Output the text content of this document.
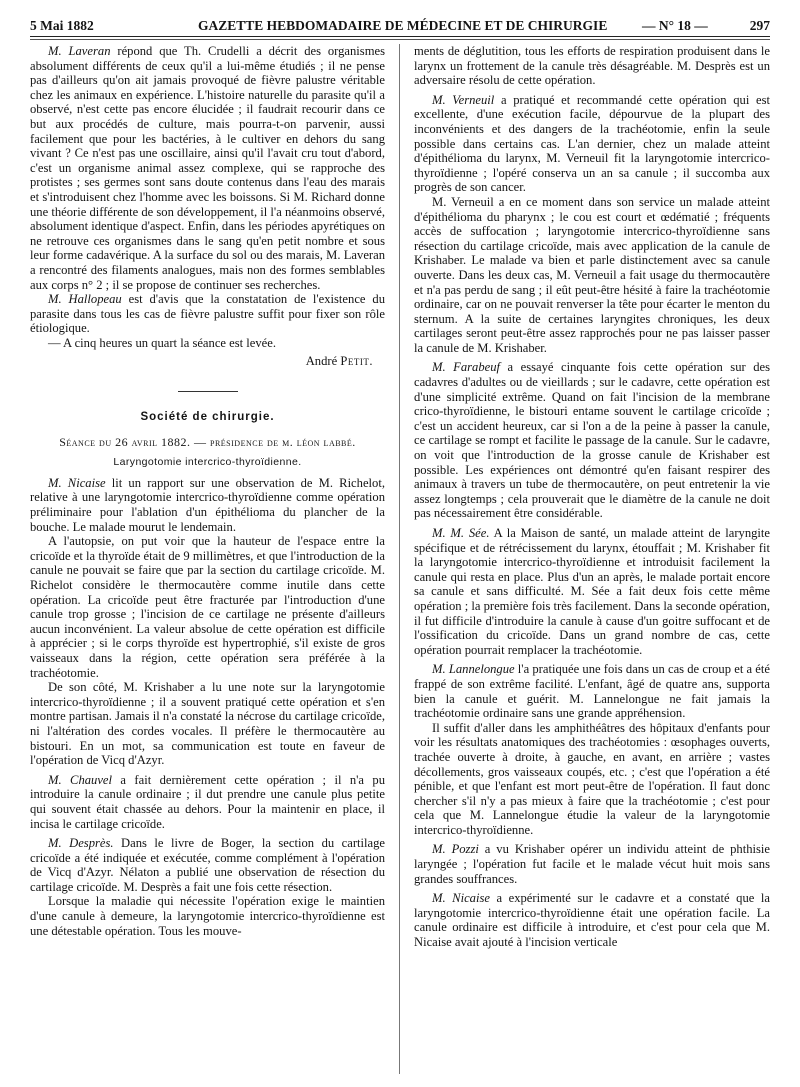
5 Mai 1882	GAZETTE HEBDOMADAIRE DE MÉDECINE ET DE CHIRURGIE	— N° 18 —	297

M. Laveran répond que Th. Crudelli a décrit des organismes absolument différents de ceux qu'il a lui-même étudiés ; il ne pense pas d'ailleurs qu'on ait jamais provoqué de fièvre palustre véritable chez les animaux en expérience. L'histoire naturelle du parasite qu'il a observé, n'est cette pas encore élucidée ; il faudrait recourir dans ce but aux procédés de culture, mais pourra-t-on parvenir, aussi facilement que pour les bactéries, à le cultiver en dehors du sang vivant ? Ce n'est pas une oscillaire, ainsi qu'il l'avait cru tout d'abord, c'est un organisme animal assez complexe, qui se rapproche des protistes ; ses germes sont sans doute contenus dans l'eau des marais et s'introduisent chez l'homme avec les boissons. Si M. Richard donne une théorie différente de son développement, il l'a néanmoins observé, absolument identique d'aspect. Enfin, dans les périodes apyrétiques on ne retrouve ces organismes dans le sang qu'en petit nombre et sous leur forme cadavérique. A la surface du sol ou des marais, M. Laveran a rencontré des filaments analogues, mais non des formes semblables aux corps n° 2 ; il se propose de continuer ses recherches.

M. Hallopeau est d'avis que la constatation de l'existence du parasite dans tous les cas de fièvre palustre suffit pour fixer son rôle étiologique.

— A cinq heures un quart la séance est levée.

André Petit.

Société de chirurgie.

Séance du 26 avril 1882. — présidence de m. léon labbé.

Laryngotomie intercrico-thyroïdienne.

M. Nicaise lit un rapport sur une observation de M. Richelot, relative à une laryngotomie intercrico-thyroïdienne comme opération préliminaire pour l'ablation d'un épithélioma du plancher de la bouche. Le malade mourut le lendemain.

A l'autopsie, on put voir que la hauteur de l'espace entre la cricoïde et la thyroïde était de 9 millimètres, et que l'introduction de la canule ne pouvait se faire que par la section du cartilage cricoïde. M. Richelot considère le thermocautère comme inutile dans cette opération. La cricoïde peut être fracturée par l'introduction d'une canule trop grosse ; l'incision de ce cartilage ne présente d'ailleurs aucun inconvénient. La valeur absolue de cette opération est difficile à apprécier ; si le corps thyroïde est hypertrophié, s'il existe de gros vaisseaux dans la région, cette opération sera préférée à la trachéotomie.

De son côté, M. Krishaber a lu une note sur la laryngotomie intercrico-thyroïdienne ; il a souvent pratiqué cette opération et s'en montre partisan. Jamais il n'a constaté la nécrose du cartilage cricoïde, ni l'altération des cordes vocales. Il préfère le thermocautère au bistouri. En un mot, sa communication est toute en faveur de l'opération de Vicq d'Azyr.

M. Chauvel a fait dernièrement cette opération ; il n'a pu introduire la canule ordinaire ; il dut prendre une canule plus petite qui souvent était chassée au dehors. Pour la maintenir en place, il incisa le cartilage cricoïde.

M. Desprès. Dans le livre de Boger, la section du cartilage cricoïde a été indiquée et exécutée, comme complément à l'opération de Vicq d'Azyr. Nélaton a publié une observation de résection du cartilage cricoïde. M. Desprès a fait une fois cette résection.

Lorsque la maladie qui nécessite l'opération exige le maintien d'une canule à demeure, la laryngotomie intercrico-thyroïdienne est une détestable opération. Tous les mouve-

ments de déglutition, tous les efforts de respiration produisent dans le larynx un frottement de la canule très désagréable. M. Desprès est un adversaire résolu de cette opération.

M. Verneuil a pratiqué et recommandé cette opération qui est excellente, d'une exécution facile, dépourvue de la plupart des inconvénients et des dangers de la trachéotomie, enfin la seule possible dans certains cas. L'an dernier, chez un malade atteint d'épithélioma du larynx, M. Verneuil fit la laryngotomie intercrico-thyroïdienne ; l'opéré conserva un an sa canule ; il succomba aux progrès de son cancer.

M. Verneuil a en ce moment dans son service un malade atteint d'épithélioma du pharynx ; le cou est court et œdématié ; fréquents accès de suffocation ; laryngotomie intercrico-thyroïdienne sans résection du cartilage cricoïde, mais avec application de la canule de Krishaber. Le malade va bien et parle distinctement avec sa canule ouverte. Dans les deux cas, M. Verneuil a fait usage du thermocautère et n'a pas perdu de sang ; il eût peut-être hésité à faire la trachéotomie ordinaire, car on ne pouvait renverser la tête pour écarter le menton du sternum. A la suite de certaines laryngites chroniques, les deux cartilages seront peut-être assez rapprochés pour ne pas laisser passer la canule de M. Krishaber.

M. Farabeuf a essayé cinquante fois cette opération sur des cadavres d'adultes ou de vieillards ; sur le cadavre, cette opération est d'une simplicité extrême. Quand on fait l'incision de la membrane crico-thyroïdienne, le bistouri entame souvent le cartilage cricoïde ; c'est un accident heureux, car si l'on a de la peine à passer la canule, ce cartilage se rompt et facilite le passage de la canule. Sur le cadavre, on voit que l'introduction de la grosse canule de Krishaber est possible. Les expériences ont démontré qu'en faisant respirer des animaux à travers un tube de thermocautère, on peut entretenir la vie assez longtemps ; cela prouverait que le diamètre de la canule ne doit pas nécessairement être considérable.

M. M. Sée. A la Maison de santé, un malade atteint de laryngite spécifique et de rétrécissement du larynx, étouffait ; M. Krishaber fit la laryngotomie intercrico-thyroïdienne et introduisit facilement la canule qui resta en place. Plus d'un an après, le malade portait encore sa canule et sans difficulté. M. Sée a fait deux fois cette même opération ; la première fois très facilement. Dans la seconde opération, il fut difficile d'introduire la canule à cause d'un goitre suffocant et de l'ossification du cricoïde. Dans un grand nombre de cas, cette opération pourrait remplacer la trachéotomie.

M. Lannelongue l'a pratiquée une fois dans un cas de croup et a été frappé de son extrême facilité. L'enfant, âgé de quatre ans, supporta bien la canule et guérit. M. Lannelongue ne fait jamais la trachéotomie ordinaire sans une grande appréhension.

Il suffit d'aller dans les amphithéâtres des hôpitaux d'enfants pour voir les résultats anatomiques des trachéotomies : œsophages ouverts, trachée ouverte à droite, à gauche, en avant, en arrière ; vastes décollements, gros vaisseaux coupés, etc. ; c'est que l'opération a été pénible, et que l'enfant est mort peut-être de l'opération. Il faut donc chercher s'il n'y a pas mieux à faire que la trachéotomie ; c'est pour cela que M. Lannelongue étudie la valeur de la laryngotomie intercrico-thyroïdienne.

M. Pozzi a vu Krishaber opérer un individu atteint de phthisie laryngée ; l'opération fut facile et le malade vécut huit mois sans grandes souffrances.

M. Nicaise a expérimenté sur le cadavre et a constaté que la laryngotomie intercrico-thyroïdienne était une opération facile. La canule ordinaire est difficile à introduire, et c'est pour cela que M. Nicaise avait ajouté à l'incision verticale
